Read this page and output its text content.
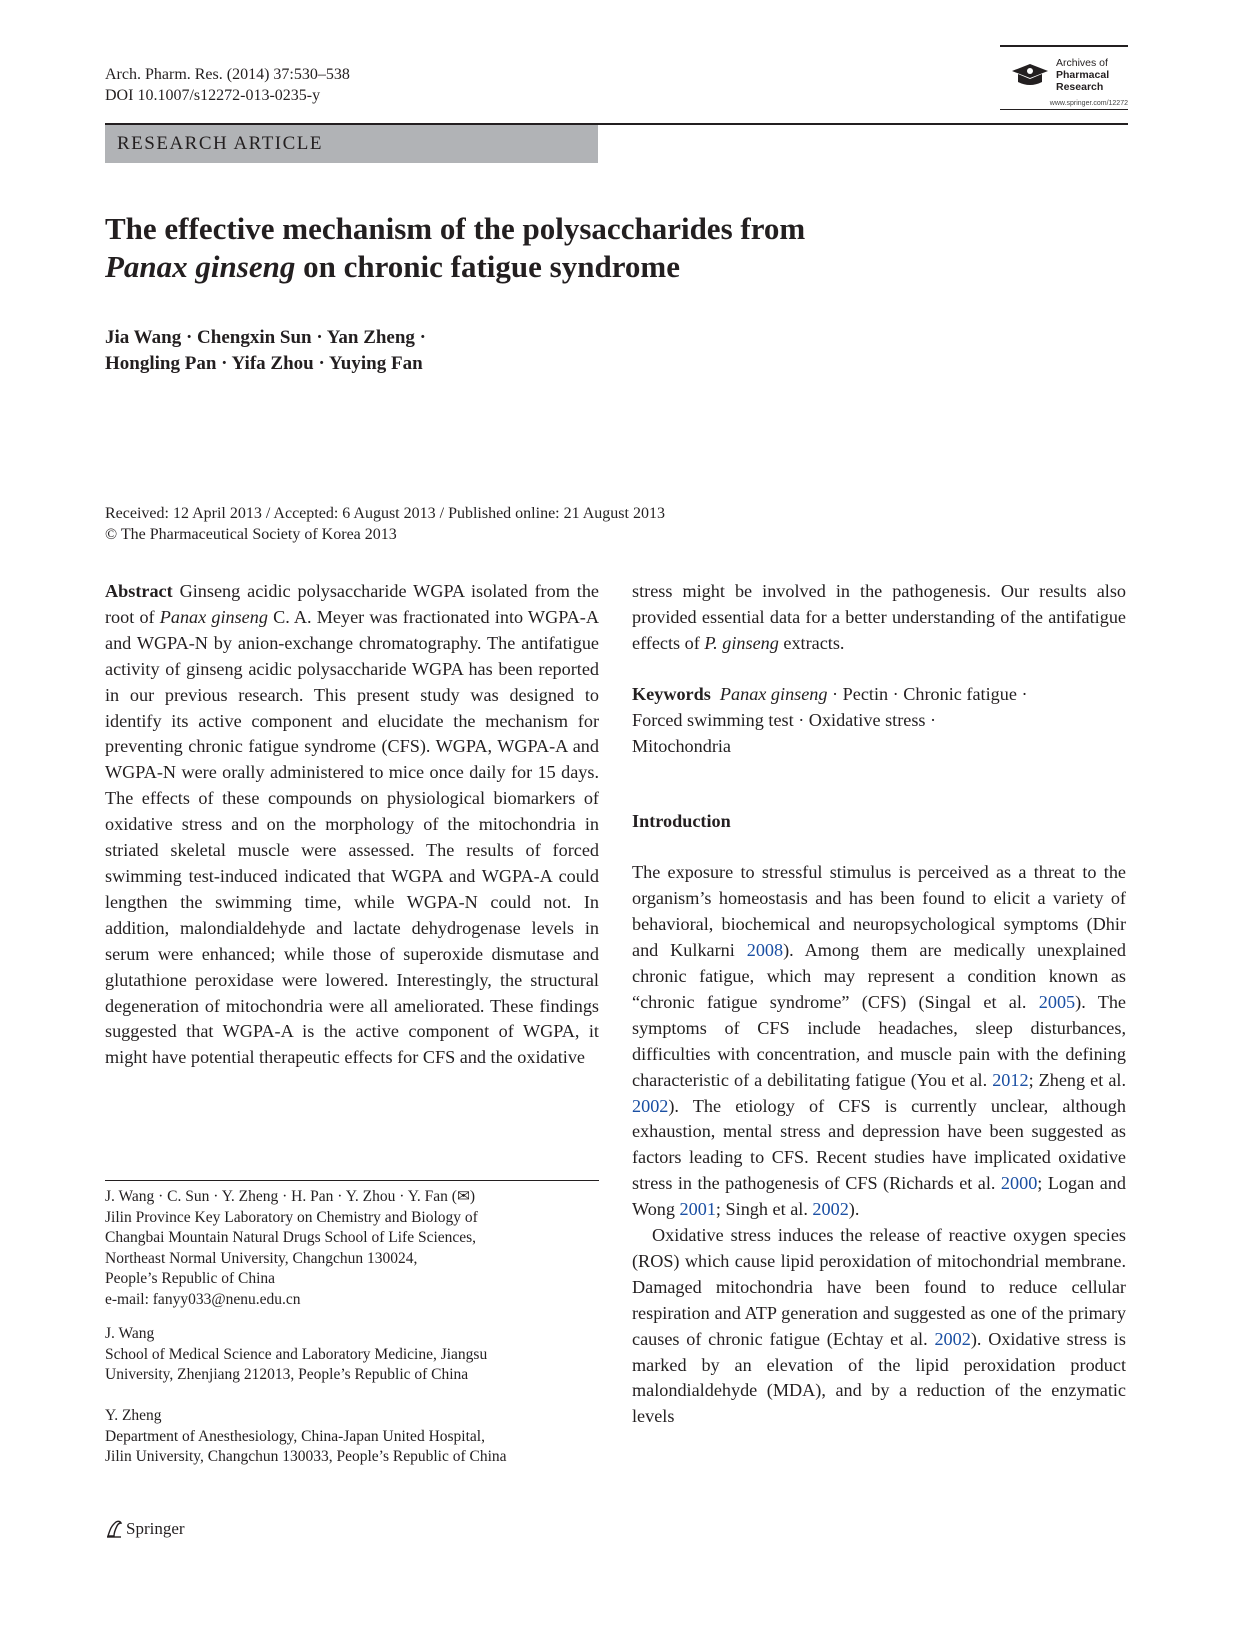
Arch. Pharm. Res. (2014) 37:530–538
DOI 10.1007/s12272-013-0235-y
Archives of
Pharmacal
Research
www.springer.com/12272
RESEARCH ARTICLE
The effective mechanism of the polysaccharides from
Panax ginseng on chronic fatigue syndrome
Jia Wang · Chengxin Sun · Yan Zheng ·
Hongling Pan · Yifa Zhou · Yuying Fan
Received: 12 April 2013 / Accepted: 6 August 2013 / Published online: 21 August 2013
© The Pharmaceutical Society of Korea 2013

Abstract Ginseng acidic polysaccharide WGPA isolated from the root of Panax ginseng C. A. Meyer was fractionated into WGPA-A and WGPA-N by anion-exchange chromatography. The antifatigue activity of ginseng acidic polysaccharide WGPA has been reported in our previous research. This present study was designed to identify its active component and elucidate the mechanism for preventing chronic fatigue syndrome (CFS). WGPA, WGPA-A and WGPA-N were orally administered to mice once daily for 15 days. The effects of these compounds on physiological biomarkers of oxidative stress and on the morphology of the mitochondria in striated skeletal muscle were assessed. The results of forced swimming test-induced indicated that WGPA and WGPA-A could lengthen the swimming time, while WGPA-N could not. In addition, malondialdehyde and lactate dehydrogenase levels in serum were enhanced; while those of superoxide dismutase and glutathione peroxidase were lowered. Interestingly, the structural degeneration of mitochondria were all ameliorated. These findings suggested that WGPA-A is the active component of WGPA, it might have potential therapeutic effects for CFS and the oxidative

J. Wang · C. Sun · Y. Zheng · H. Pan · Y. Zhou · Y. Fan (✉)

Jilin Province Key Laboratory on Chemistry and Biology of

Changbai Mountain Natural Drugs School of Life Sciences,

Northeast Normal University, Changchun 130024,

People’s Republic of China

e-mail: fanyy033@nenu.edu.cn

J. Wang

School of Medical Science and Laboratory Medicine, Jiangsu

University, Zhenjiang 212013, People’s Republic of China

Y. Zheng

Department of Anesthesiology, China-Japan United Hospital,

Jilin University, Changchun 130033, People’s Republic of China

stress might be involved in the pathogenesis. Our results also provided essential data for a better understanding of the antifatigue effects of P. ginseng extracts.

Keywords Panax ginseng · Pectin · Chronic fatigue ·
Forced swimming test · Oxidative stress ·
Mitochondria

Introduction

The exposure to stressful stimulus is perceived as a threat to the organism’s homeostasis and has been found to elicit a variety of behavioral, biochemical and neuropsychological symptoms (Dhir and Kulkarni 2008). Among them are medically unexplained chronic fatigue, which may represent a condition known as “chronic fatigue syndrome” (CFS) (Singal et al. 2005). The symptoms of CFS include headaches, sleep disturbances, difficulties with concentration, and muscle pain with the defining characteristic of a debilitating fatigue (You et al. 2012; Zheng et al. 2002). The etiology of CFS is currently unclear, although exhaustion, mental stress and depression have been suggested as factors leading to CFS. Recent studies have implicated oxidative stress in the pathogenesis of CFS (Richards et al. 2000; Logan and Wong 2001; Singh et al. 2002).

Oxidative stress induces the release of reactive oxygen species (ROS) which cause lipid peroxidation of mitochondrial membrane. Damaged mitochondria have been found to reduce cellular respiration and ATP generation and suggested as one of the primary causes of chronic fatigue (Echtay et al. 2002). Oxidative stress is marked by an elevation of the lipid peroxidation product malondialdehyde (MDA), and by a reduction of the enzymatic levels

Springer
